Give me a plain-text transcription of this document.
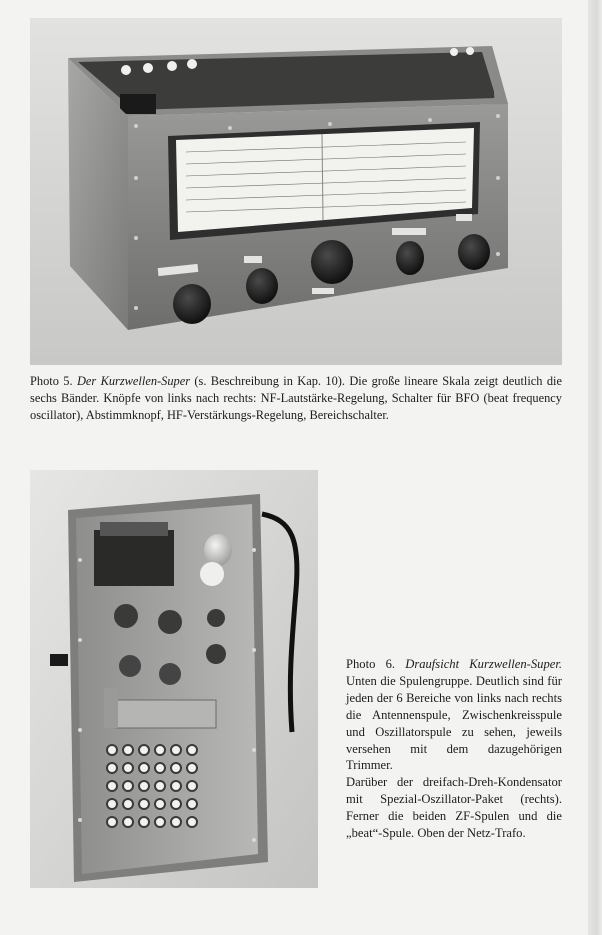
Photo 5. Der Kurzwellen-Super (s. Beschreibung in Kap. 10). Die große lineare Skala zeigt deutlich die sechs Bänder. Knöpfe von links nach rechts: NF-Lautstärke-Regelung, Schalter für BFO (beat frequency oscillator), Abstimmknopf, HF-Verstärkungs-Regelung, Bereichschalter.

Photo 6. Draufsicht Kurzwellen-Super. Unten die Spulengruppe. Deutlich sind für jeden der 6 Bereiche von links nach rechts die Antennenspule, Zwischenkreisspule und Oszillatorspule zu sehen, jeweils versehen mit dem dazugehörigen Trimmer.

Darüber der dreifach-Dreh-Kondensator mit Spezial-Oszillator-Paket (rechts). Ferner die beiden ZF-Spulen und die „beat“-Spule. Oben der Netz-Trafo.
